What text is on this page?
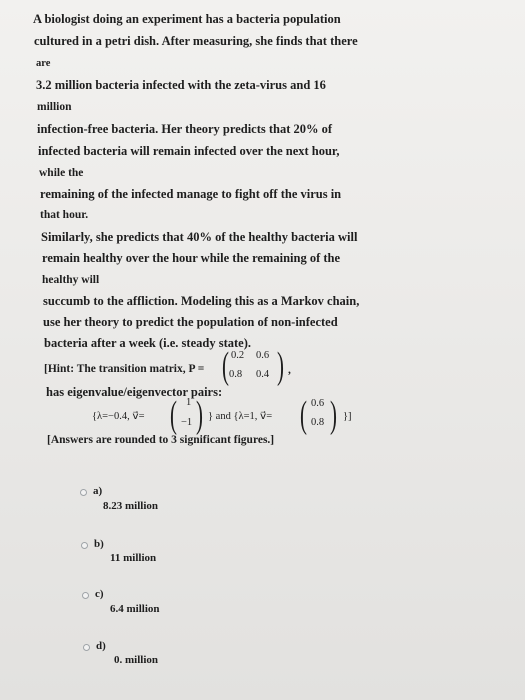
A biologist doing an experiment has a bacteria population
cultured in a petri dish. After measuring, she finds that there
are
3.2 million bacteria infected with the zeta-virus and 16
million
infection-free bacteria. Her theory predicts that 20% of
infected bacteria will remain infected over the next hour,
while the
remaining of the infected manage to fight off the virus in
that hour.
Similarly, she predicts that 40% of the healthy bacteria will
remain healthy over the hour while the remaining of the
healthy will
succumb to the affliction. Modeling this as a Markov chain,
use her theory to predict the population of non-infected
bacteria after a week (i.e. steady state).
[Hint: The transition matrix, P = ( 0.2 0.6
0.8 0.4 ) ,
has eigenvalue/eigenvector pairs:
{λ=−0.4, v⃗= ( 1
−1 ) } and {λ=1, v⃗= ( 0.6
0.8 ) }]
[Answers are rounded to 3 significant figures.]
a)
8.23 million
b)
11 million
c)
6.4 million
d)
0. million
